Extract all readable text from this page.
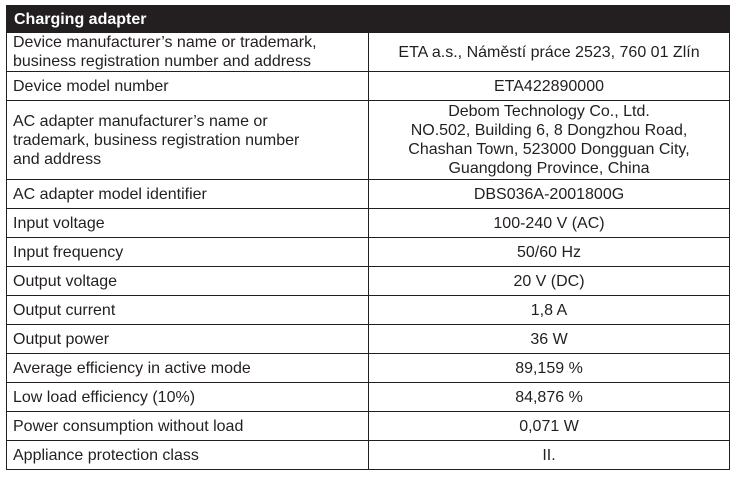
Charging adapter	
Device manufacturer’s name or trademark,
business registration number and address	ETA a.s., Náměstí práce 2523, 760 01 Zlín
Device model number	ETA422890000
AC adapter manufacturer’s name or
trademark, business registration number
and address	Debom Technology Co., Ltd.
NO.502, Building 6, 8 Dongzhou Road,
Chashan Town, 523000 Dongguan City,
Guangdong Province, China
AC adapter model identifier	DBS036A-2001800G
Input voltage	100-240 V (AC)
Input frequency	50/60 Hz
Output voltage	20 V (DC)
Output current	1,8 A
Output power	36 W
Average efficiency in active mode	89,159 %
Low load efficiency (10%)	84,876 %
Power consumption without load	0,071 W
Appliance protection class	II.
